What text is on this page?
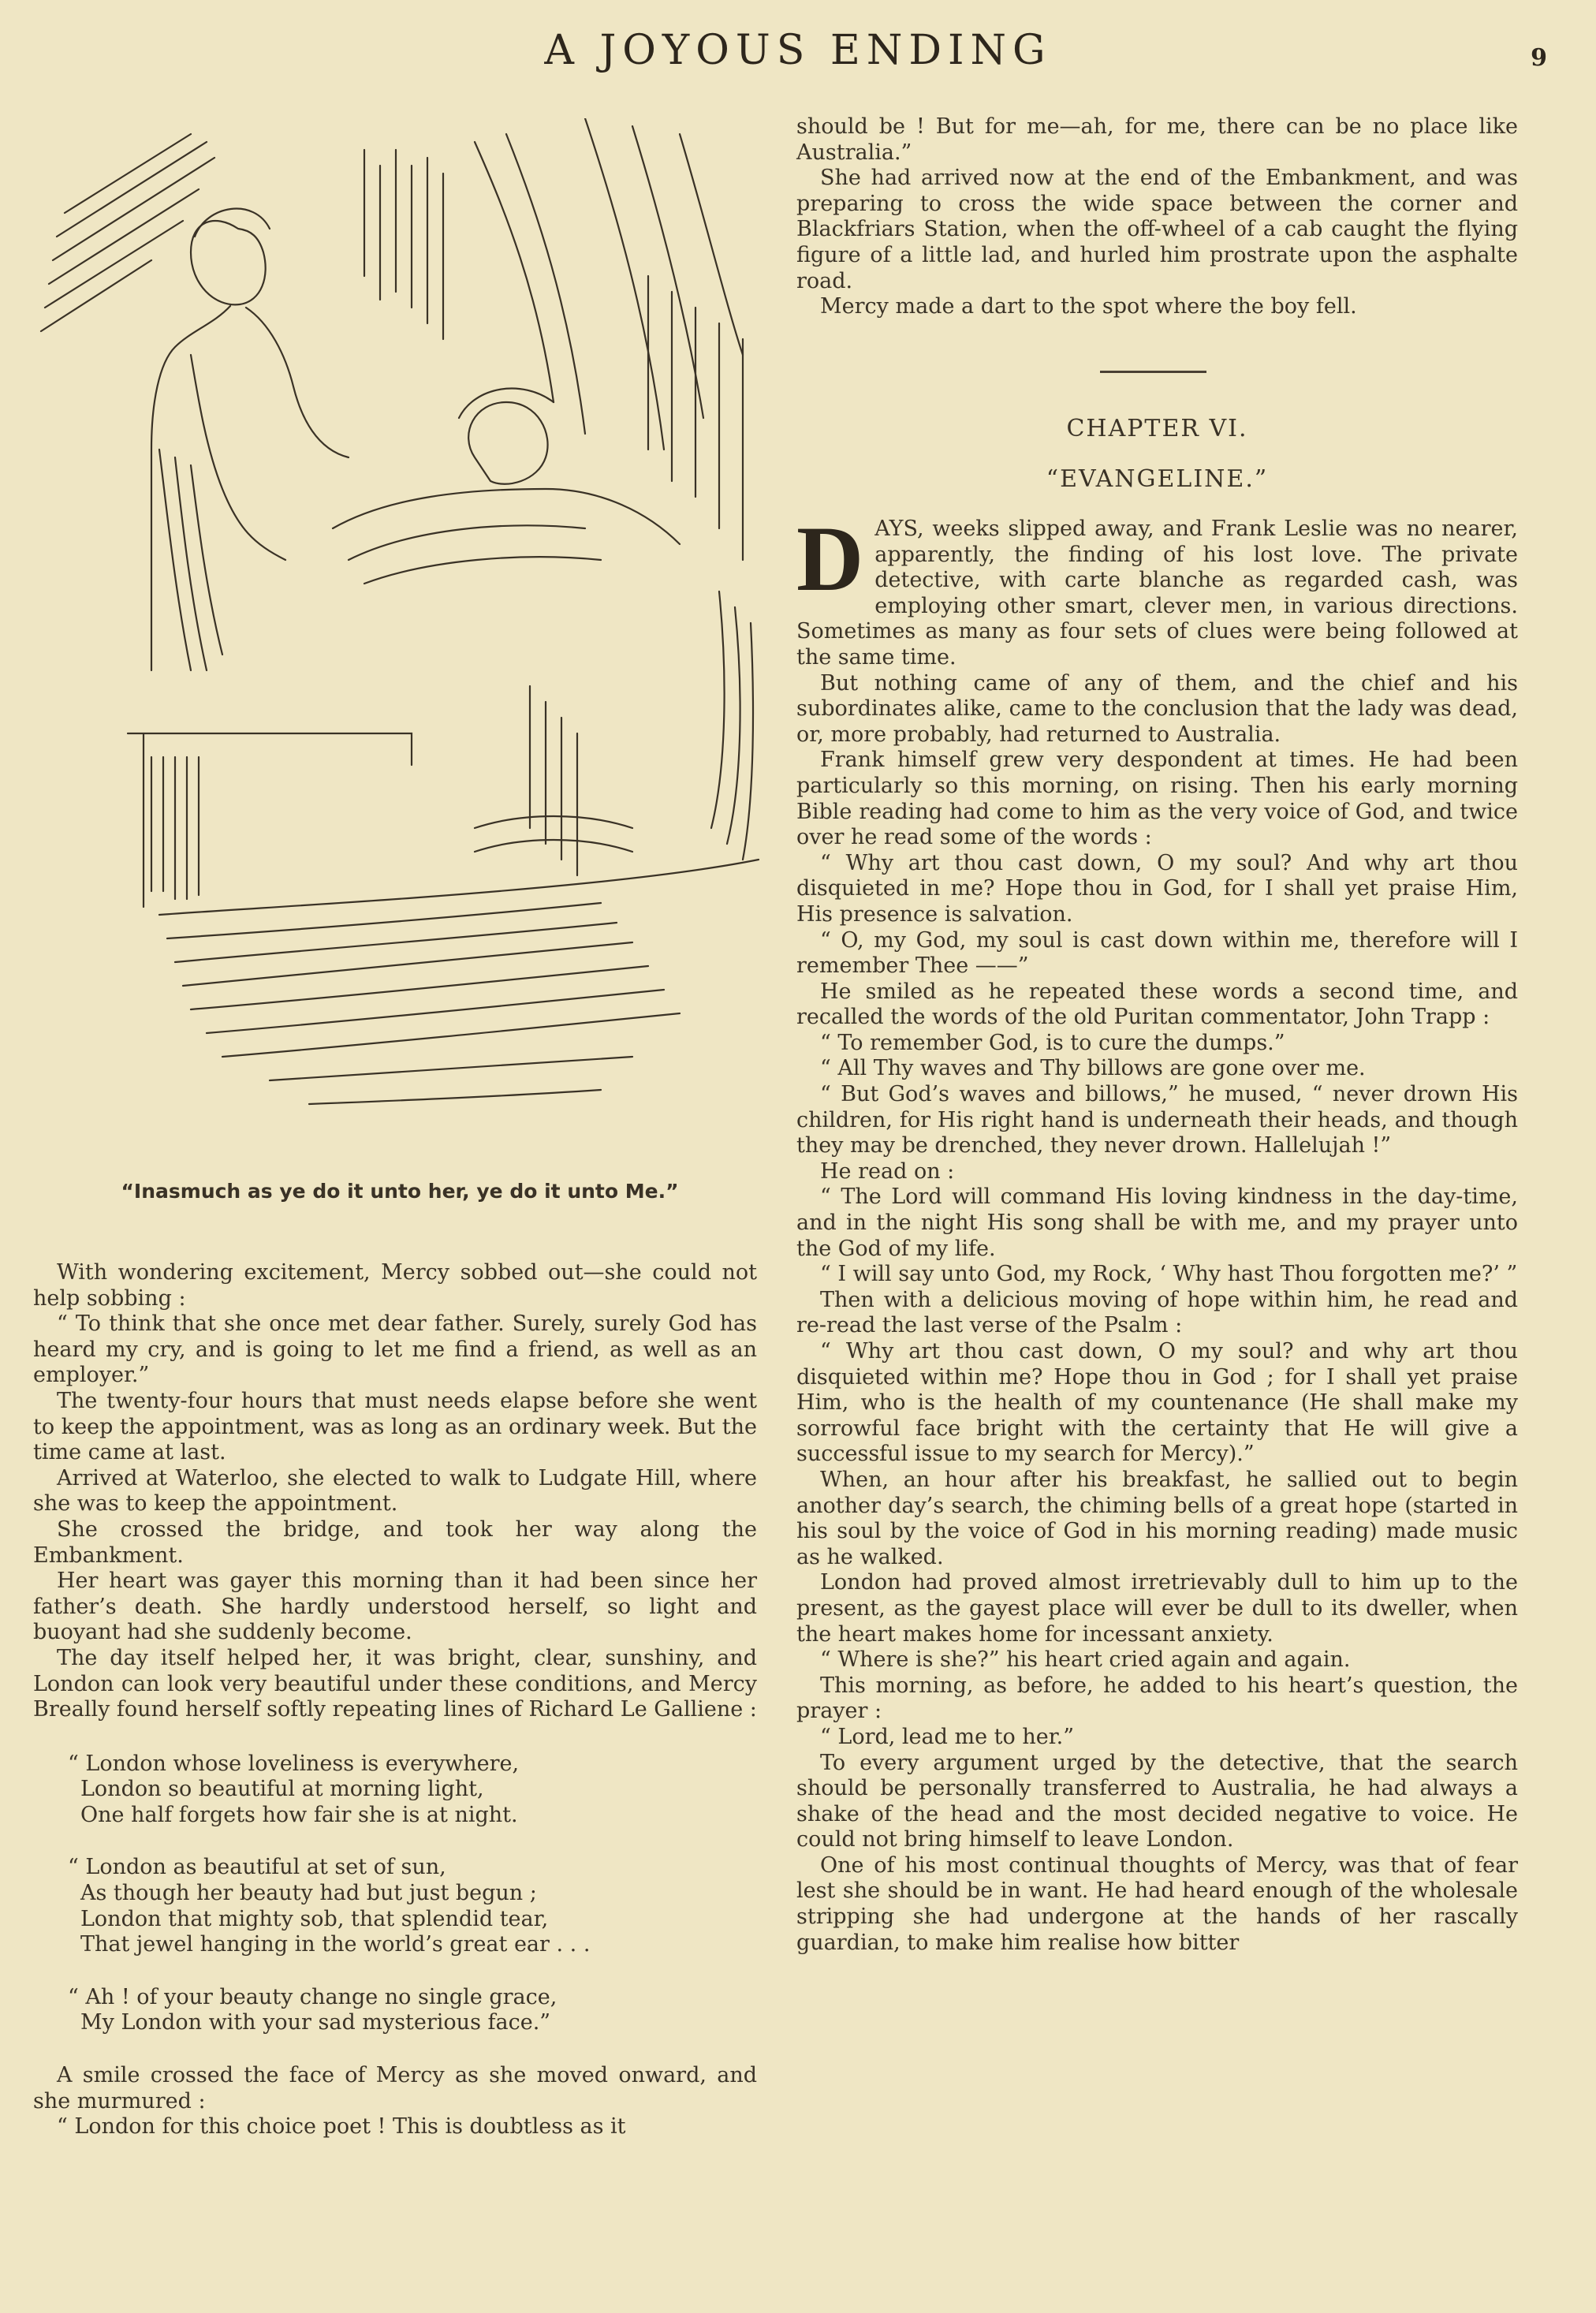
A JOYOUS ENDING	9
“Inasmuch as ye do it unto her, ye do it unto Me.”

With wondering excitement, Mercy sobbed out—she could not help sobbing :

“ To think that she once met dear father. Surely, surely God has heard my cry, and is going to let me find a friend, as well as an employer.”

The twenty-four hours that must needs elapse before she went to keep the appointment, was as long as an ordinary week. But the time came at last.

Arrived at Waterloo, she elected to walk to Ludgate Hill, where she was to keep the appointment.

She crossed the bridge, and took her way along the Embankment.

Her heart was gayer this morning than it had been since her father’s death. She hardly understood herself, so light and buoyant had she suddenly become.

The day itself helped her, it was bright, clear, sunshiny, and London can look very beautiful under these conditions, and Mercy Breally found herself softly repeating lines of Richard Le Galliene :

“ London whose loveliness is everywhere,
London so beautiful at morning light,
One half forgets how fair she is at night.
“ London as beautiful at set of sun,
As though her beauty had but just begun ;
London that mighty sob, that splendid tear,
That jewel hanging in the world’s great ear . . .
“ Ah ! of your beauty change no single grace,
My London with your sad mysterious face.”

A smile crossed the face of Mercy as she moved onward, and she murmured :

“ London for this choice poet ! This is doubtless as it

should be ! But for me—ah, for me, there can be no place like Australia.”

She had arrived now at the end of the Embankment, and was preparing to cross the wide space between the corner and Blackfriars Station, when the off-wheel of a cab caught the flying figure of a little lad, and hurled him prostrate upon the asphalte road.

Mercy made a dart to the spot where the boy fell.

CHAPTER VI.
“EVANGELINE.”

DAYS, weeks slipped away, and Frank Leslie was no nearer, apparently, the finding of his lost love. The private detective, with carte blanche as regarded cash, was employing other smart, clever men, in various directions. Sometimes as many as four sets of clues were being followed at the same time.

But nothing came of any of them, and the chief and his subordinates alike, came to the conclusion that the lady was dead, or, more probably, had returned to Australia.

Frank himself grew very despondent at times. He had been particularly so this morning, on rising. Then his early morning Bible reading had come to him as the very voice of God, and twice over he read some of the words :

“ Why art thou cast down, O my soul? And why art thou disquieted in me? Hope thou in God, for I shall yet praise Him, His presence is salvation.

“ O, my God, my soul is cast down within me, therefore will I remember Thee ——”

He smiled as he repeated these words a second time, and recalled the words of the old Puritan commentator, John Trapp :

“ To remember God, is to cure the dumps.”

“ All Thy waves and Thy billows are gone over me.

“ But God’s waves and billows,” he mused, “ never drown His children, for His right hand is underneath their heads, and though they may be drenched, they never drown. Hallelujah !”

He read on :

“ The Lord will command His loving kindness in the day-time, and in the night His song shall be with me, and my prayer unto the God of my life.

“ I will say unto God, my Rock, ‘ Why hast Thou forgotten me?’ ”

Then with a delicious moving of hope within him, he read and re-read the last verse of the Psalm :

“ Why art thou cast down, O my soul? and why art thou disquieted within me? Hope thou in God ; for I shall yet praise Him, who is the health of my countenance (He shall make my sorrowful face bright with the certainty that He will give a successful issue to my search for Mercy).”

When, an hour after his breakfast, he sallied out to begin another day’s search, the chiming bells of a great hope (started in his soul by the voice of God in his morning reading) made music as he walked.

London had proved almost irretrievably dull to him up to the present, as the gayest place will ever be dull to its dweller, when the heart makes home for incessant anxiety.

“ Where is she?” his heart cried again and again.

This morning, as before, he added to his heart’s question, the prayer :

“ Lord, lead me to her.”

To every argument urged by the detective, that the search should be personally transferred to Australia, he had always a shake of the head and the most decided negative to voice. He could not bring himself to leave London.

One of his most continual thoughts of Mercy, was that of fear lest she should be in want. He had heard enough of the wholesale stripping she had undergone at the hands of her rascally guardian, to make him realise how bitter
